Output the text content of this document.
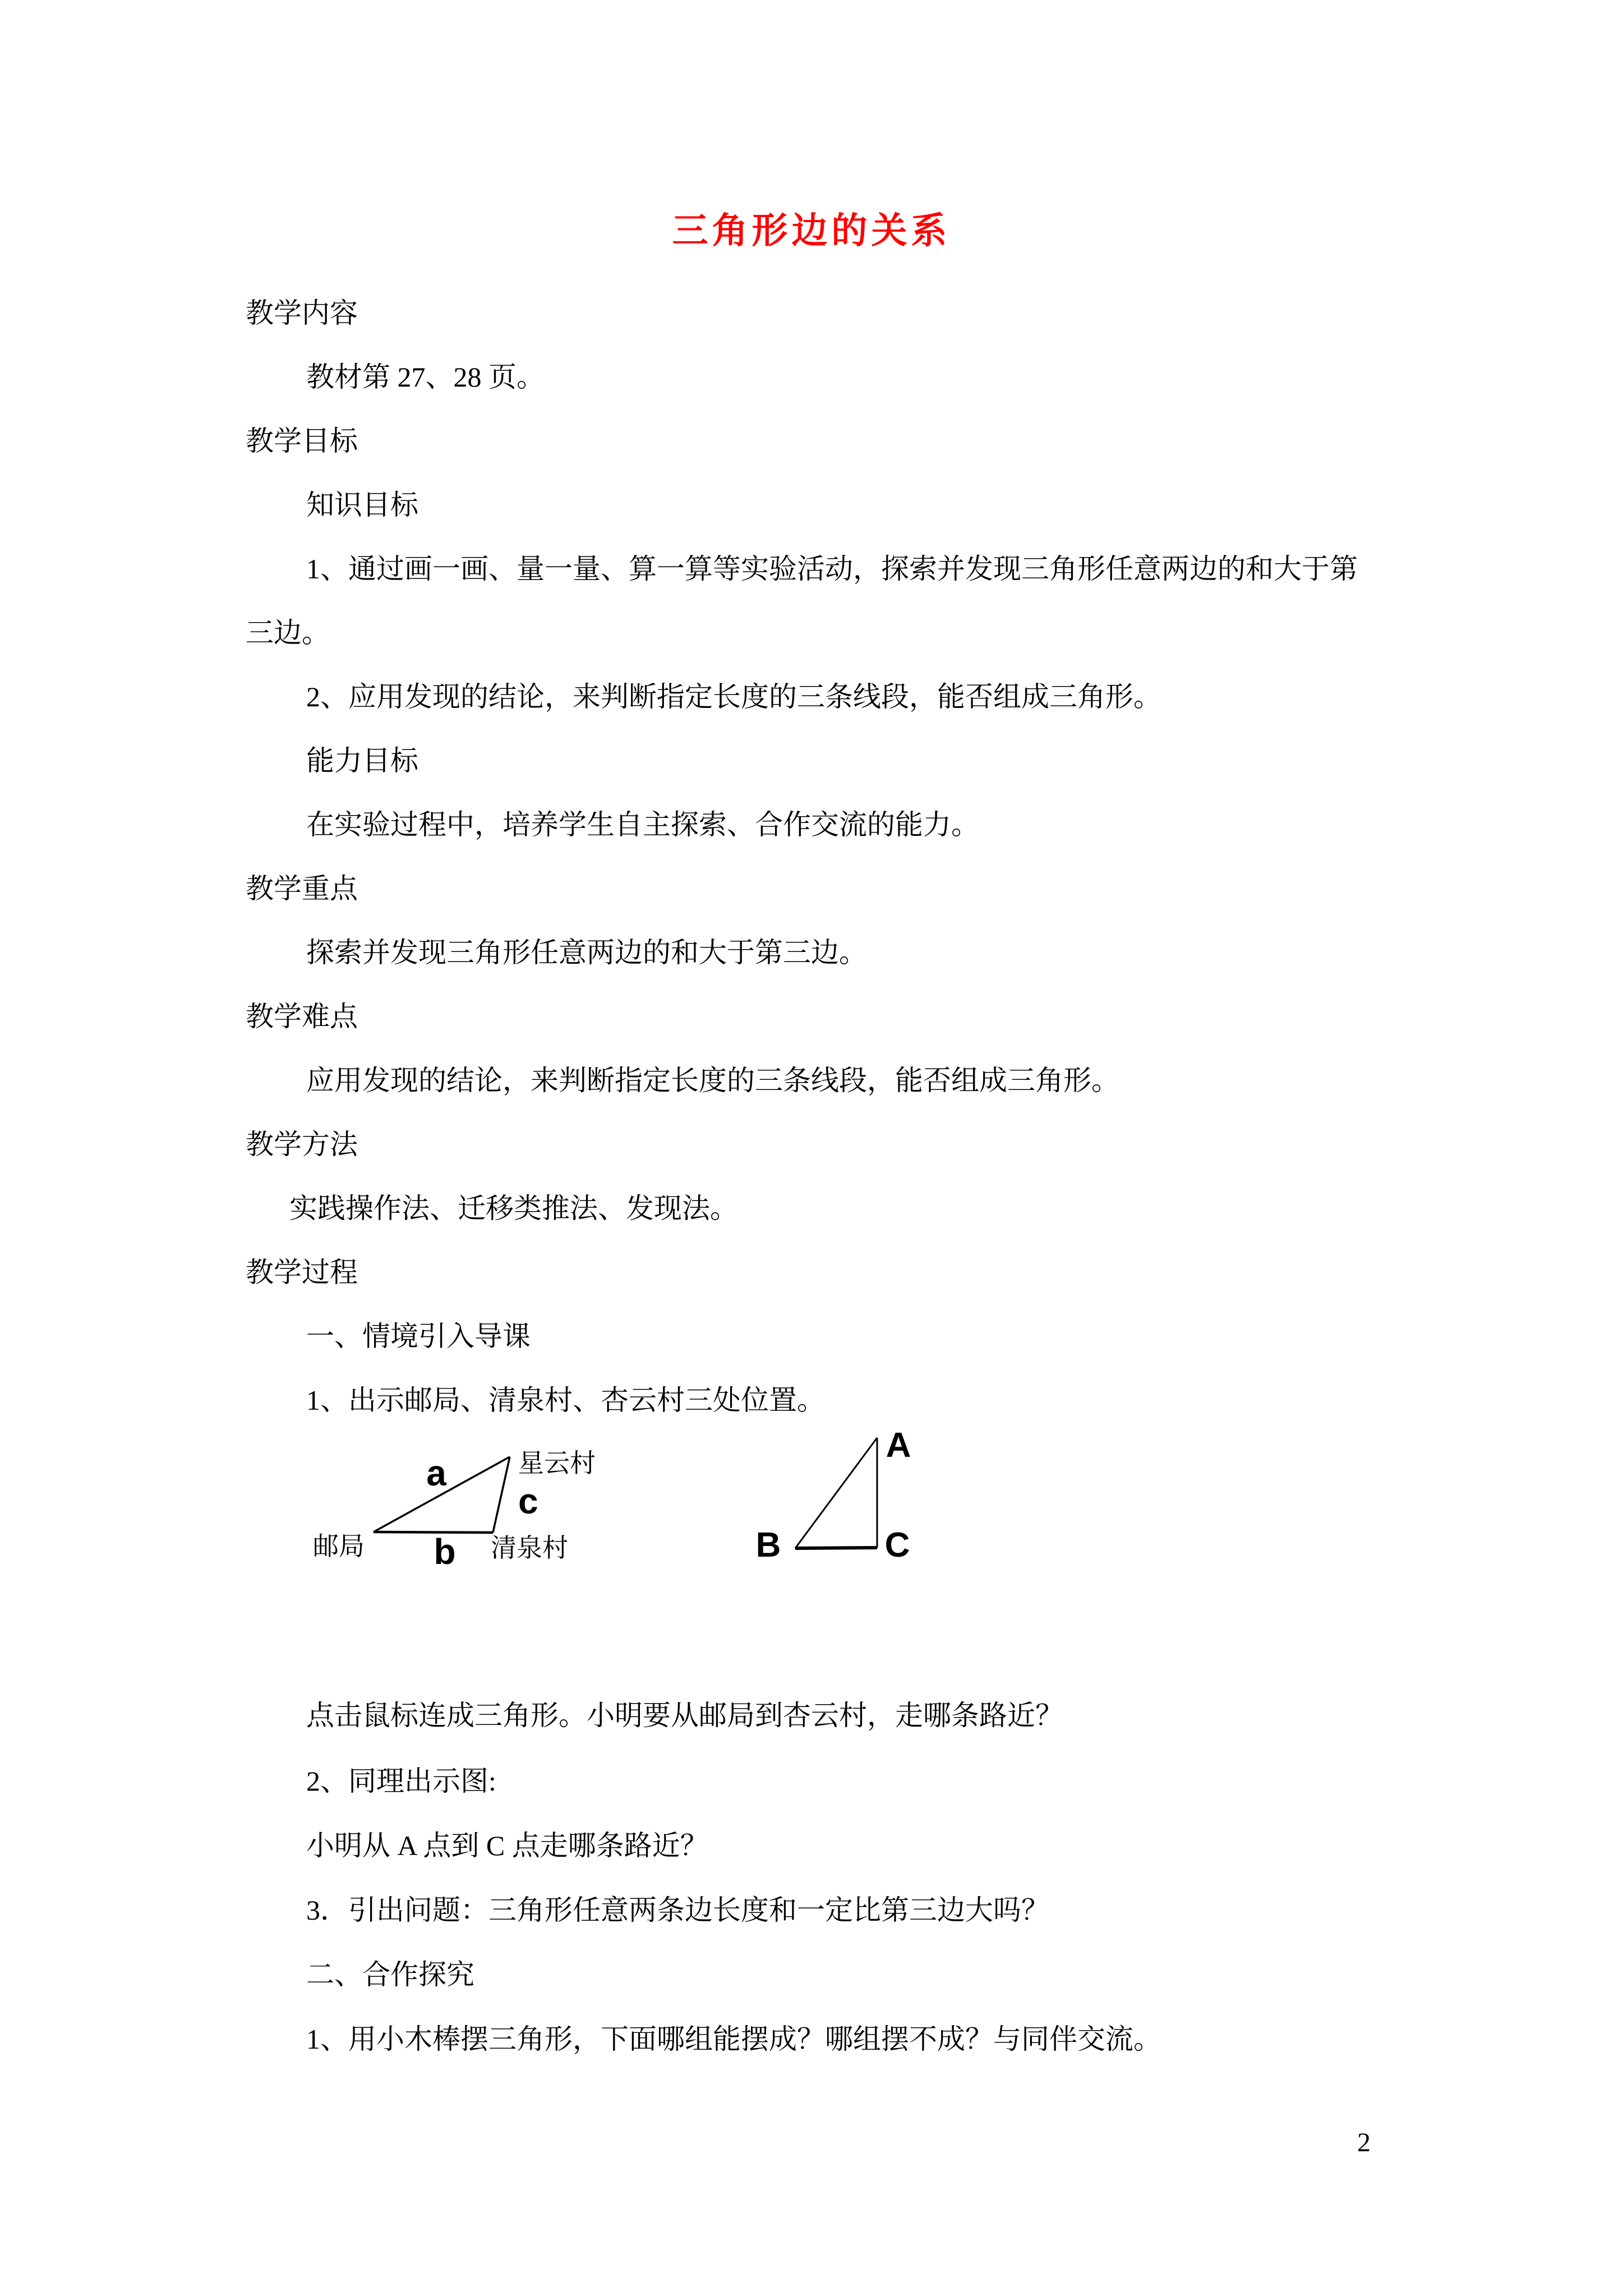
三角形边的关系
教学内容
教材第 27、28 页。
教学目标
知识目标
1、通过画一画、量一量、算一算等实验活动，探索并发现三角形任意两边的和大于第
三边。
2、应用发现的结论，来判断指定长度的三条线段，能否组成三角形。
能力目标
在实验过程中，培养学生自主探索、合作交流的能力。
教学重点
探索并发现三角形任意两边的和大于第三边。
教学难点
应用发现的结论，来判断指定长度的三条线段，能否组成三角形。
教学方法
实践操作法、迁移类推法、发现法。
教学过程
一、情境引入导课
1、出示邮局、清泉村、杏云村三处位置。
点击鼠标连成三角形。小明要从邮局到杏云村，走哪条路近？
2、同理出示图:
小明从 A 点到 C 点走哪条路近？
3．引出问题：三角形任意两条边长度和一定比第三边大吗？
二、合作探究
1、用小木棒摆三角形，下面哪组能摆成？哪组摆不成？与同伴交流。
a
b
c
星云村
邮局	清泉村
A
B	C
2
